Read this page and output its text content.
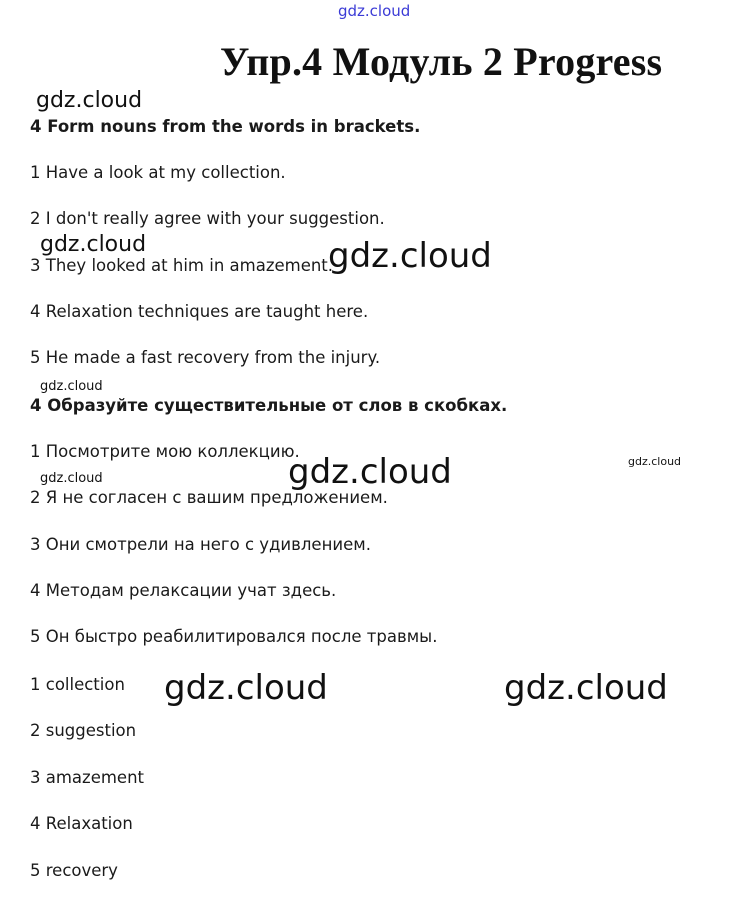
gdz.cloud
gdz.cloud
gdz.cloud	gdz.cloud
gdz.cloud
gdz.cloud
gdz.cloud	gdz.cloud
gdz.cloud	gdz.cloud
Упр.4 Модуль 2 Progress
4 Form nouns from the words in brackets.
1 Have a look at my collection.
2 I don't really agree with your suggestion.
3 They looked at him in amazement.
4 Relaxation techniques are taught here.
5 He made a fast recovery from the injury.
4 Образуйте существительные от слов в скобках.
1 Посмотрите мою коллекцию.
2 Я не согласен с вашим предложением.
3 Они смотрели на него с удивлением.
4 Методам релаксации учат здесь.
5 Он быстро реабилитировался после травмы.
1 collection
2 suggestion
3 amazement
4 Relaxation
5 recovery
